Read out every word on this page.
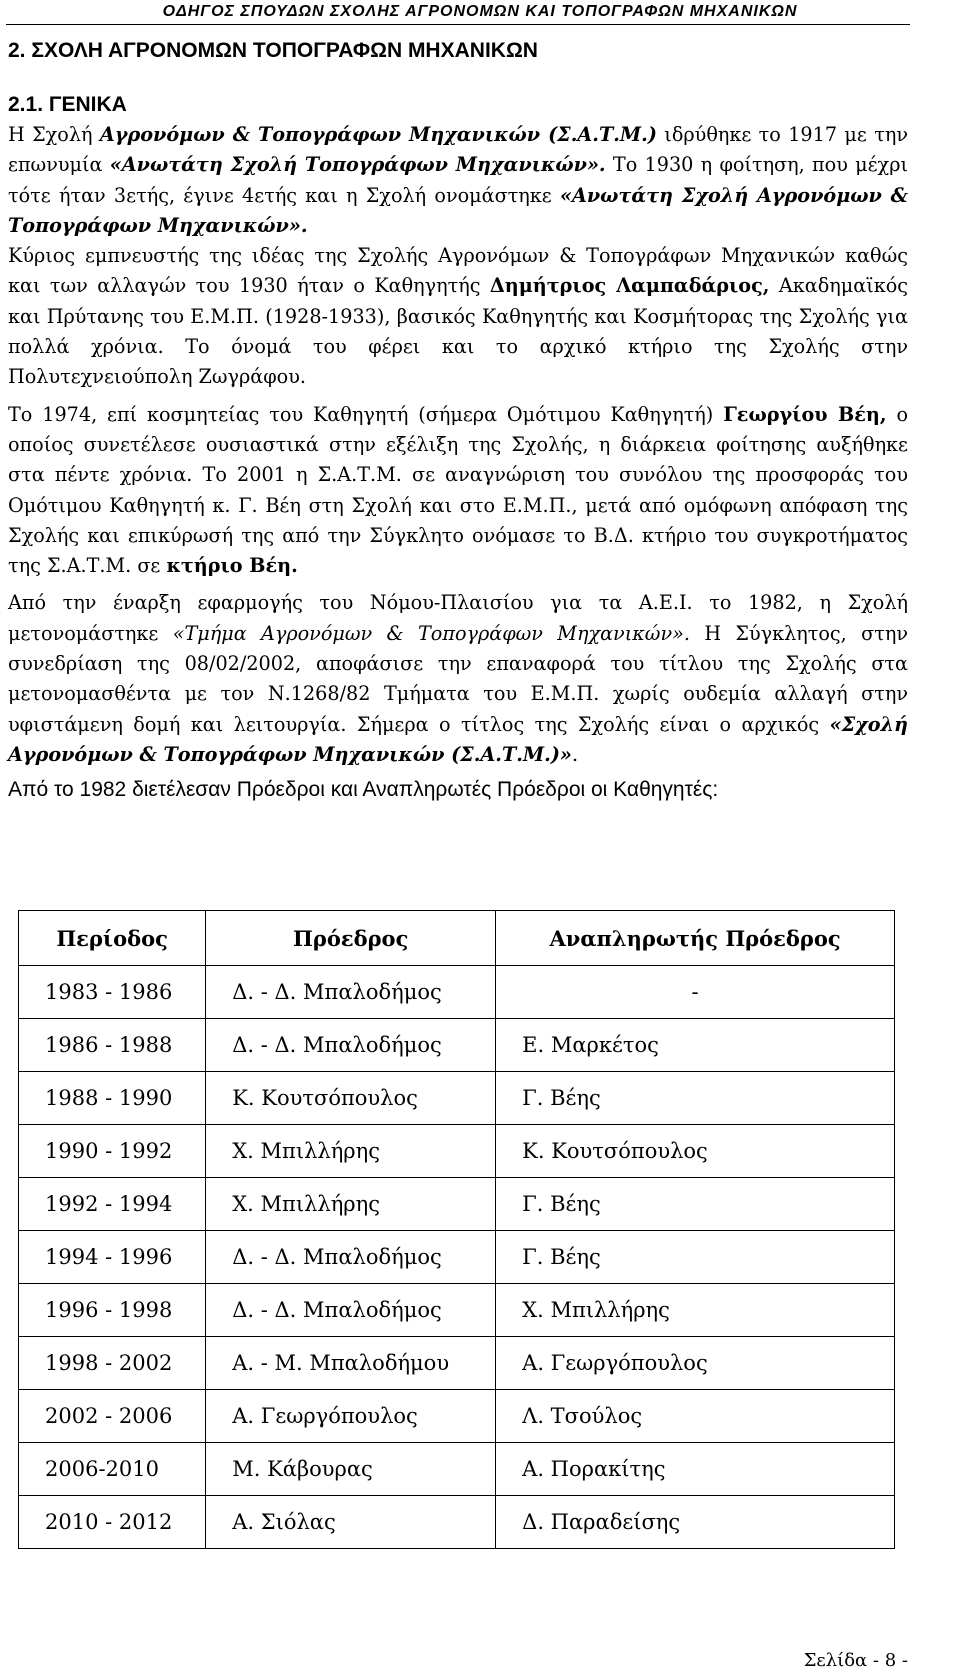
ΟΔΗΓΟΣ ΣΠΟΥΔΩΝ ΣΧΟΛΗΣ ΑΓΡΟΝΟΜΩΝ ΚΑΙ ΤΟΠΟΓΡΑΦΩΝ ΜΗΧΑΝΙΚΩΝ
2. ΣΧΟΛΗ ΑΓΡΟΝΟΜΩΝ ΤΟΠΟΓΡΑΦΩΝ ΜΗΧΑΝΙΚΩΝ
2.1. ΓΕΝΙΚΑ

Η Σχολή Αγρονόμων & Τοπογράφων Μηχανικών (Σ.Α.Τ.Μ.) ιδρύθηκε το 1917 με την επωνυμία «Ανωτάτη Σχολή Τοπογράφων Μηχανικών». Το 1930 η φοίτηση, που μέχρι τότε ήταν 3ετής, έγινε 4ετής και η Σχολή ονομάστηκε «Ανωτάτη Σχολή Αγρονόμων & Τοπογράφων Μηχανικών».

Κύριος εμπνευστής της ιδέας της Σχολής Αγρονόμων & Τοπογράφων Μηχανικών καθώς και των αλλαγών του 1930 ήταν ο Καθηγητής Δημήτριος Λαμπαδάριος, Ακαδημαϊκός και Πρύτανης του Ε.Μ.Π. (1928-1933), βασικός Καθηγητής και Κοσμήτορας της Σχολής για πολλά χρόνια. Το όνομά του φέρει και το αρχικό κτήριο της Σχολής στην Πολυτεχνειούπολη Ζωγράφου.

Το 1974, επί κοσμητείας του Καθηγητή (σήμερα Ομότιμου Καθηγητή) Γεωργίου Βέη, ο οποίος συνετέλεσε ουσιαστικά στην εξέλιξη της Σχολής, η διάρκεια φοίτησης αυξήθηκε στα πέντε χρόνια. Το 2001 η Σ.Α.Τ.Μ. σε αναγνώριση του συνόλου της προσφοράς του Ομότιμου Καθηγητή κ. Γ. Βέη στη Σχολή και στο Ε.Μ.Π., μετά από ομόφωνη απόφαση της Σχολής και επικύρωσή της από την Σύγκλητο ονόμασε το Β.Δ. κτήριο του συγκροτήματος της Σ.Α.Τ.Μ. σε κτήριο Βέη.

Από την έναρξη εφαρμογής του Νόμου-Πλαισίου για τα Α.Ε.Ι. το 1982, η Σχολή μετονομάστηκε «Τμήμα Αγρονόμων & Τοπογράφων Μηχανικών». Η Σύγκλητος, στην συνεδρίαση της 08/02/2002, αποφάσισε την επαναφορά του τίτλου της Σχολής στα μετονομασθέντα με τον Ν.1268/82 Τμήματα του Ε.Μ.Π. χωρίς ουδεμία αλλαγή στην υφιστάμενη δομή και λειτουργία. Σήμερα ο τίτλος της Σχολής είναι ο αρχικός «Σχολή Αγρονόμων & Τοπογράφων Μηχανικών (Σ.Α.Τ.Μ.)».

Από το 1982 διετέλεσαν Πρόεδροι και Αναπληρωτές Πρόεδροι οι Καθηγητές:

Περίοδος	Πρόεδρος	Αναπληρωτής Πρόεδρος
1983 - 1986	Δ. - Δ. Μπαλοδήμος	-
1986 - 1988	Δ. - Δ. Μπαλοδήμος	Ε. Μαρκέτος
1988 - 1990	Κ. Κουτσόπουλος	Γ. Βέης
1990 - 1992	Χ. Μπιλλήρης	Κ. Κουτσόπουλος
1992 - 1994	Χ. Μπιλλήρης	Γ. Βέης
1994 - 1996	Δ. - Δ. Μπαλοδήμος	Γ. Βέης
1996 - 1998	Δ. - Δ. Μπαλοδήμος	Χ. Μπιλλήρης
1998 - 2002	Α. - Μ. Μπαλοδήμου	Α. Γεωργόπουλος
2002 - 2006	Α. Γεωργόπουλος	Λ. Τσούλος
2006-2010	Μ. Κάβουρας	Α. Πορακίτης
2010 - 2012	Α. Σιόλας	Δ. Παραδείσης
Σελίδα - 8 -
